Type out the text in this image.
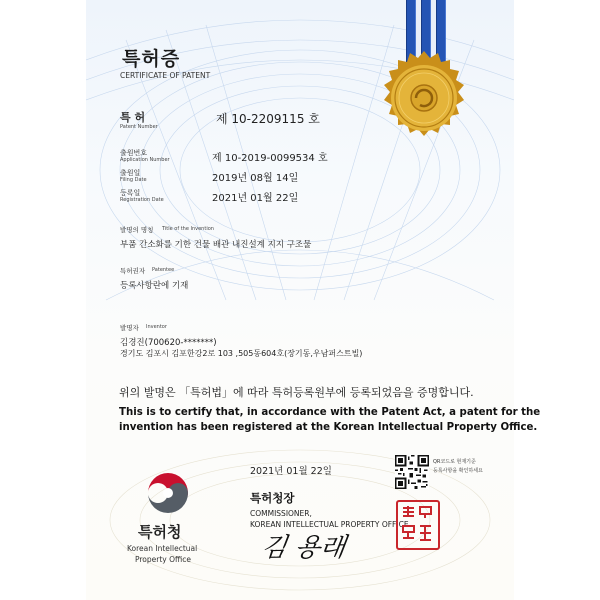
특허증
CERTIFICATE OF PATENT
특 허
Patent Number
제 10-2209115 호
출원번호
Application Number	제 10-2019-0099534 호
출원일
Filing Date	2019년 08월 14일
등록일
Registration Date	2021년 01월 22일
발명의 명칭 Title of the Invention
부품 간소화를 기한 건물 배관 내진설계 지지 구조물
특허권자 Patentee
등록사항란에 기재
발명자 Inventor
김경진(700620-*******)
경기도 김포시 김포한강2로 103 ,505동604호(장기동,우남퍼스트빌)
위의 발명은 「특허법」에 따라 특허등록원부에 등록되었음을 증명합니다.
This is to certify that, in accordance with the Patent Act, a patent for the
invention has been registered at the Korean Intellectual Property Office.
특허청
Korean Intellectual
Property Office
2021년 01월 22일
특허청장
COMMISSIONER,
KOREAN INTELLECTUAL PROPERTY OFFICE
김 용래
QR코드로 현재기준
등록사항을 확인하세요
